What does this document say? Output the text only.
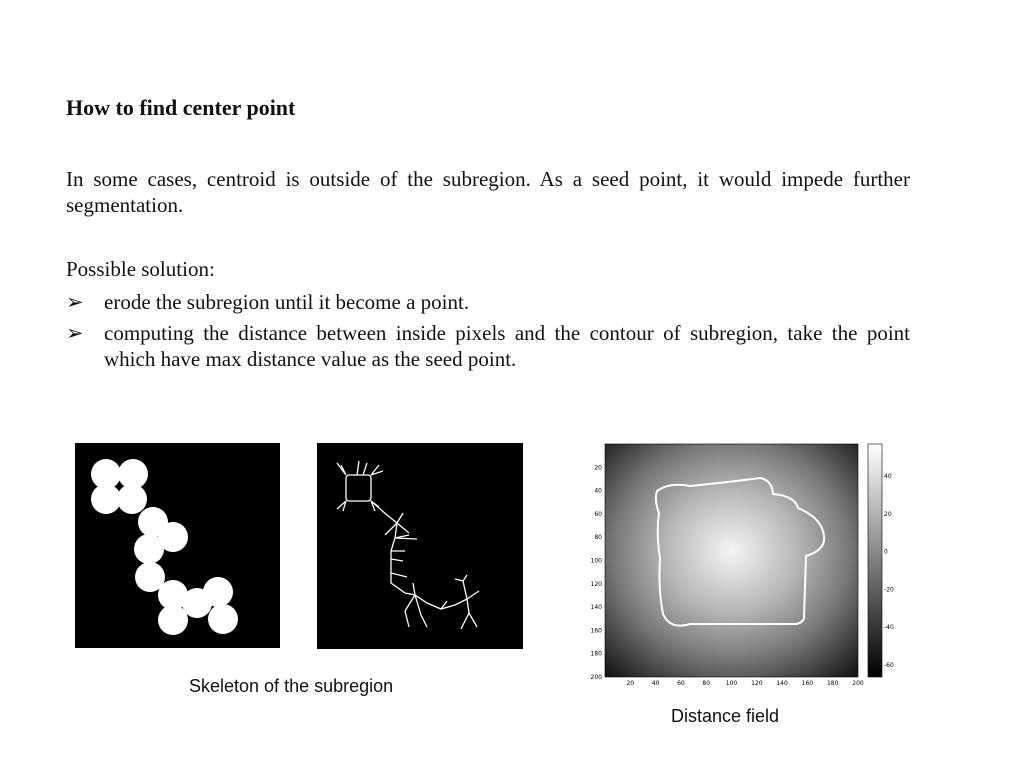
How to find center point
In some cases, centroid is outside of the subregion. As a seed point, it would impede further segmentation.
Possible solution:
➢ erode the subregion until it become a point.
➢ computing the distance between inside pixels and the contour of subregion, take the point which have max distance value as the seed point.
Skeleton of the subregion
20
40
60
80
100
120
140
160
180
200
20	40	60	80	100 120 140 160 180 200
40
20
0
-20
-40
-60
Distance field
